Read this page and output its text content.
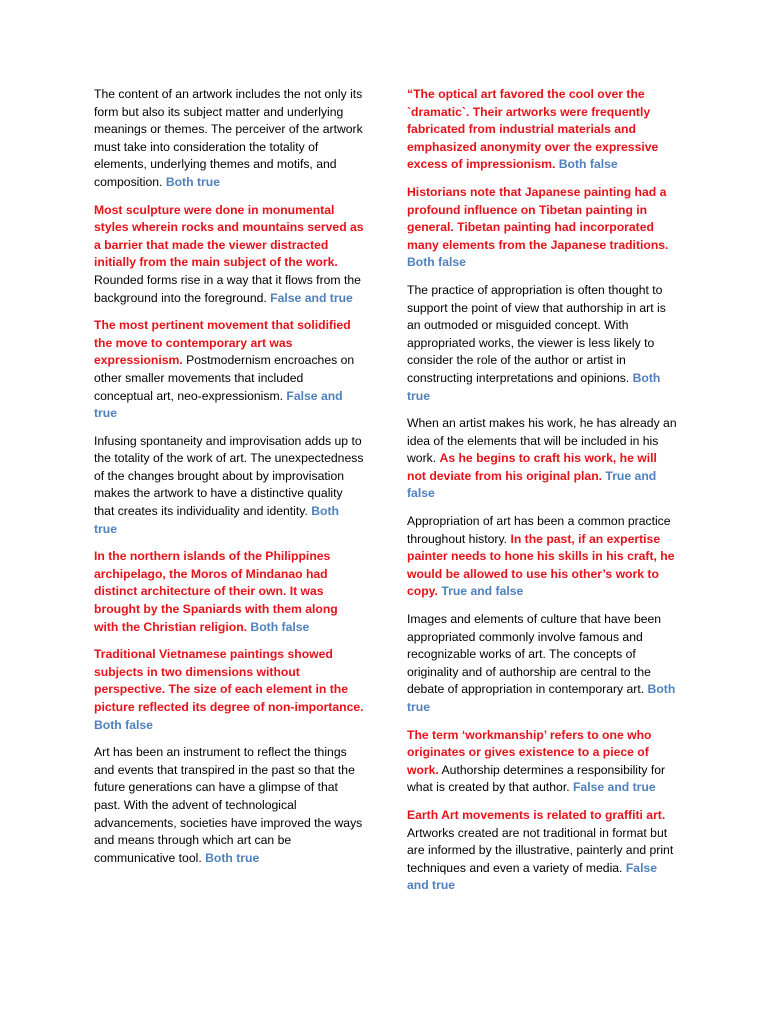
The content of an artwork includes the not only its form but also its subject matter and underlying meanings or themes. The perceiver of the artwork must take into consideration the totality of elements, underlying themes and motifs, and composition. Both true
Most sculpture were done in monumental styles wherein rocks and mountains served as a barrier that made the viewer distracted initially from the main subject of the work. Rounded forms rise in a way that it flows from the background into the foreground. False and true
The most pertinent movement that solidified the move to contemporary art was expressionism. Postmodernism encroaches on other smaller movements that included conceptual art, neo-expressionism. False and true
Infusing spontaneity and improvisation adds up to the totality of the work of art. The unexpectedness of the changes brought about by improvisation makes the artwork to have a distinctive quality that creates its individuality and identity. Both true
In the northern islands of the Philippines archipelago, the Moros of Mindanao had distinct architecture of their own. It was brought by the Spaniards with them along with the Christian religion. Both false
Traditional Vietnamese paintings showed subjects in two dimensions without perspective. The size of each element in the picture reflected its degree of non-importance. Both false
Art has been an instrument to reflect the things and events that transpired in the past so that the future generations can have a glimpse of that past. With the advent of technological advancements, societies have improved the ways and means through which art can be communicative tool. Both true
“The optical art favored the cool over the `dramatic`. Their artworks were frequently fabricated from industrial materials and emphasized anonymity over the expressive excess of impressionism. Both false
Historians note that Japanese painting had a profound influence on Tibetan painting in general. Tibetan painting had incorporated many elements from the Japanese traditions. Both false
The practice of appropriation is often thought to support the point of view that authorship in art is an outmoded or misguided concept. With appropriated works, the viewer is less likely to consider the role of the author or artist in constructing interpretations and opinions. Both true
When an artist makes his work, he has already an idea of the elements that will be included in his work. As he begins to craft his work, he will not deviate from his original plan. True and false
Appropriation of art has been a common practice throughout history. In the past, if an expertise painter needs to hone his skills in his craft, he would be allowed to use his other’s work to copy. True and false
Images and elements of culture that have been appropriated commonly involve famous and recognizable works of art. The concepts of originality and of authorship are central to the debate of appropriation in contemporary art. Both true
The term ‘workmanship’ refers to one who originates or gives existence to a piece of work. Authorship determines a responsibility for what is created by that author. False and true
Earth Art movements is related to graffiti art. Artworks created are not traditional in format but are informed by the illustrative, painterly and print techniques and even a variety of media. False and true
